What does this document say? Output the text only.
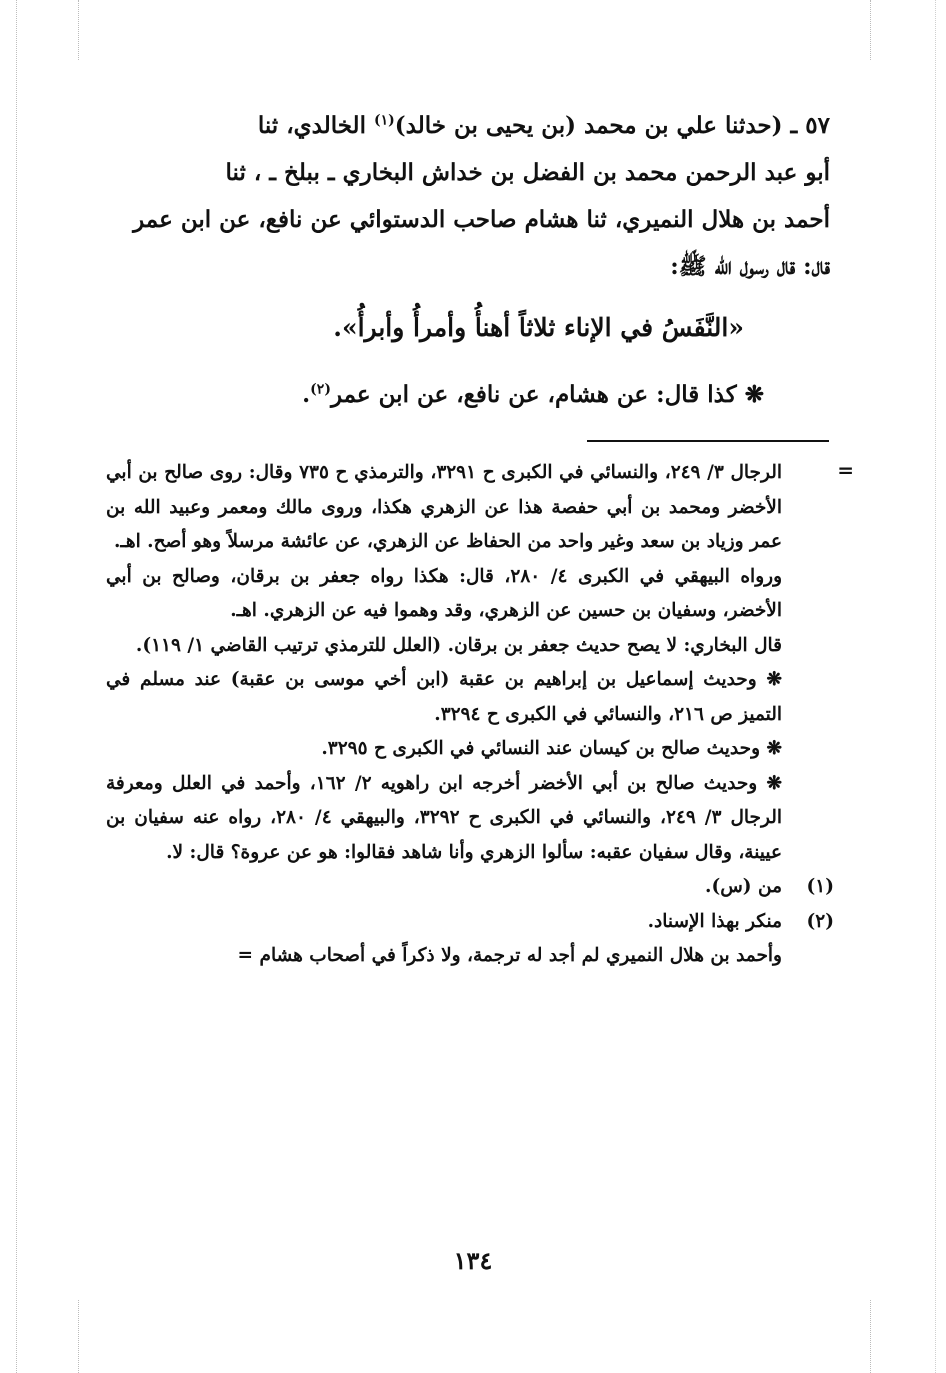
٥٧ ـ (حدثنا علي بن محمد (بن يحيى بن خالد)$^{(١)}$ الخالدي، ثنا

أبو عبد الرحمن محمد بن الفضل بن خداش البخاري ـ ببلخ ـ ، ثنا

أحمد بن هلال النميري، ثنا هشام صاحب الدستوائي عن نافع، عن ابن عمر

قال: قال رسول الله ﷺ:

«النَّفَسُ في الإناء ثلاثاً أهنأُ وأمرأُ وأبرأُ».
❋ كذا قال: عن هشام، عن نافع، عن ابن عمر$^{(٢)}$.
=

الرجال ٣/ ٢٤٩، والنسائي في الكبرى ح ٣٢٩١، والترمذي ح ٧٣٥ وقال: روى صالح بن أبي الأخضر ومحمد بن أبي حفصة هذا عن الزهري هكذا، وروى مالك ومعمر وعبيد الله بن عمر وزياد بن سعد وغير واحد من الحفاظ عن الزهري، عن عائشة مرسلاً وهو أصح. اهـ.

ورواه البيهقي في الكبرى ٤/ ٢٨٠، قال: هكذا رواه جعفر بن برقان، وصالح بن أبي الأخضر، وسفيان بن حسين عن الزهري، وقد وهموا فيه عن الزهري. اهـ.

قال البخاري: لا يصح حديث جعفر بن برقان. (العلل للترمذي ترتيب القاضي ١/ ١١٩).

❋ وحديث إسماعيل بن إبراهيم بن عقبة (ابن أخي موسى بن عقبة) عند مسلم في التميز ص ٢١٦، والنسائي في الكبرى ح ٣٢٩٤.

❋ وحديث صالح بن كيسان عند النسائي في الكبرى ح ٣٢٩٥.

❋ وحديث صالح بن أبي الأخضر أخرجه ابن راهويه ٢/ ١٦٢، وأحمد في العلل ومعرفة الرجال ٣/ ٢٤٩، والنسائي في الكبرى ح ٣٢٩٢، والبيهقي ٤/ ٢٨٠، رواه عنه سفيان بن عيينة، وقال سفيان عقبه: سألوا الزهري وأنا شاهد فقالوا: هو عن عروة؟ قال: لا.

(١)
من (س).

(٢)
منكر بهذا الإسناد.

وأحمد بن هلال النميري لم أجد له ترجمة، ولا ذكراً في أصحاب هشام =

١٣٤
